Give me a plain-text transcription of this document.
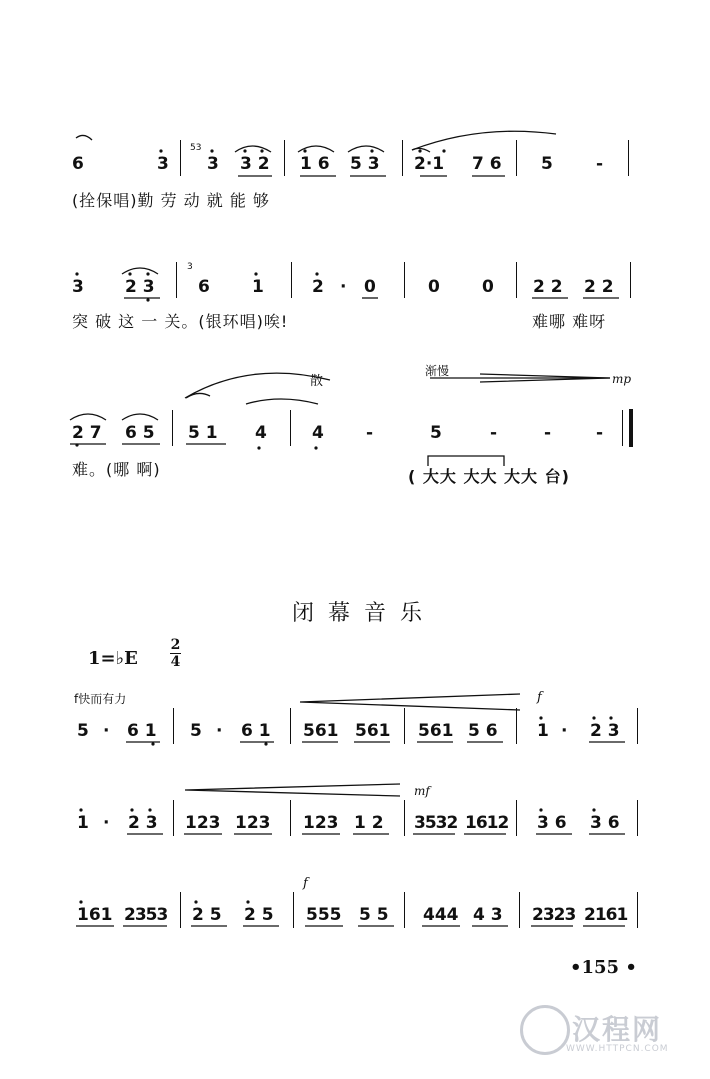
6	3
53
3 3 2 1 6 5 3 2·1 7 6 5	-
(拴保唱)勤 劳 动 就 能 够
3 2 3
3
6 1	2 · 0	0 0 2 2 2 2
突 破 这 一 关。(银环唱)唉!	难哪 难呀
散
渐慢
mp
2 7 6 5 5 1 4	4 -	5	-	-	-
难。(哪 啊)	( 大大 大大 大大 台)
闭幕音乐
1=♭E
2
4
f快而有力	f
5 · 6 1 5 · 6 1 561 561 561 5 6 1 · 2 3
mf
1 · 2 3 123 123 123 1 2 3532 1612 3 6 3 6
f
161 2353 2 5 2 5 555 5 5 444 4 3 2323 2161
•155 •
汉程网
WWW.HTTPCN.COM
